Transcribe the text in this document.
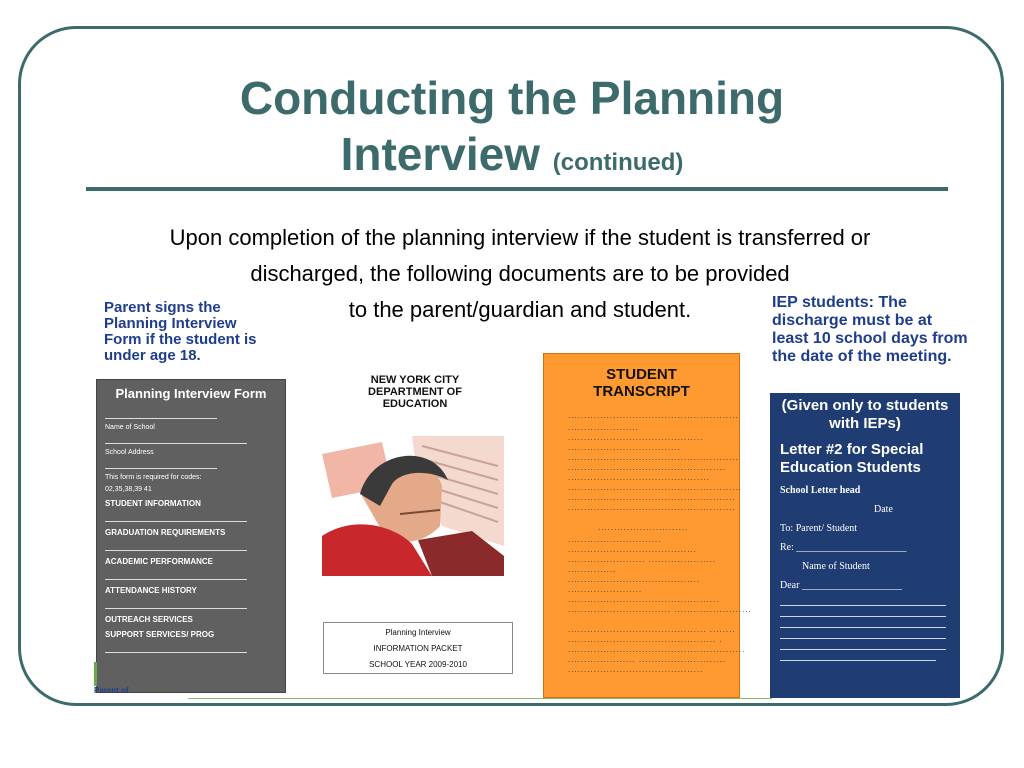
Conducting the Planning
Interview (continued)
Upon completion of the planning interview if the student is transferred or
discharged, the following documents are to be provided
to the parent/guardian and student.
Parent signs the Planning Interview Form if the student is under age 18.
IEP students: The discharge must be at least 10 school days from the date of the meeting.
Planning Interview Form
Name of School
School Address
This form is required for codes:
02,35,38,39 41
STUDENT INFORMATION
GRADUATION REQUIREMENTS
ACADEMIC PERFORMANCE
ATTENDANCE HISTORY
OUTREACH SERVICES
SUPPORT SERVICES/ PROG
Parent of
NEW YORK CITY
DEPARTMENT OF
EDUCATION
Planning Interview
INFORMATION PACKET
SCHOOL YEAR 2009-2010
STUDENT
TRANSCRIPT
.....................................................
......................
..........................................
...................................
.....................................................
.................................................
............................................
......................................................
....................................................
....................................................
............................
.............................
........................................
........................ .....................
...............
.........................................
.......................
...............................................
................................ ........................
........................................... ........
.............................................. .
.......................................................
..................... ...........................
..........................................
(Given only to students with IEPs)
Letter #2 for Special Education Students
School Letter head
Date
To: Parent/ Student
Re: ______________________
Name of Student
Dear ____________________
